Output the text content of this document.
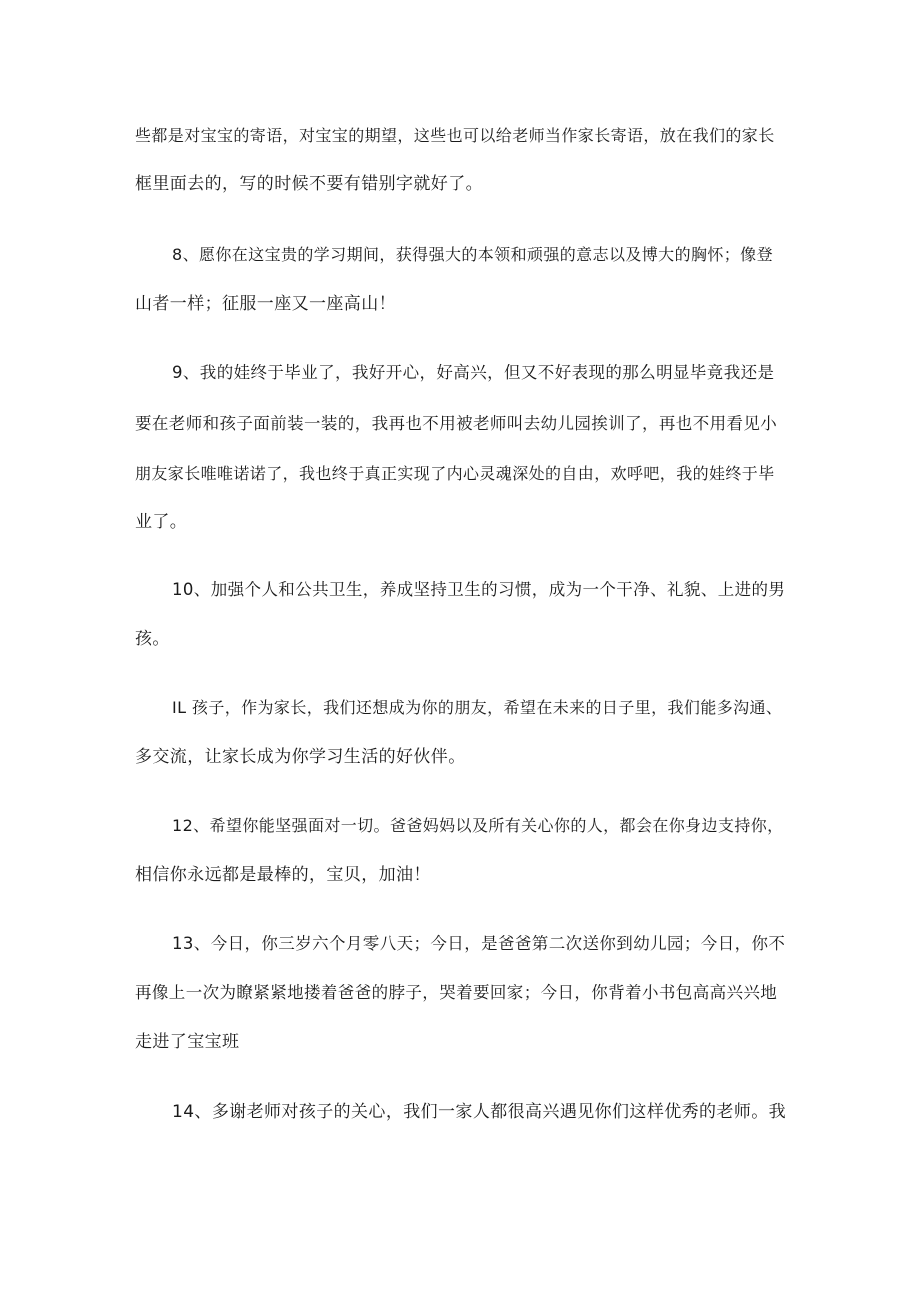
些都是对宝宝的寄语，对宝宝的期望，这些也可以给老师当作家长寄语，放在我们的家长

框里面去的，写的时候不要有错别字就好了。

8、愿你在这宝贵的学习期间，获得强大的本领和顽强的意志以及博大的胸怀；像登

山者一样；征服一座又一座高山！

9、我的娃终于毕业了，我好开心，好高兴，但又不好表现的那么明显毕竟我还是

要在老师和孩子面前装一装的，我再也不用被老师叫去幼儿园挨训了，再也不用看见小

朋友家长唯唯诺诺了，我也终于真正实现了内心灵魂深处的自由，欢呼吧，我的娃终于毕

业了。

10、加强个人和公共卫生，养成坚持卫生的习惯，成为一个干净、礼貌、上进的男

孩。

IL 孩子，作为家长，我们还想成为你的朋友，希望在未来的日子里，我们能多沟通、

多交流，让家长成为你学习生活的好伙伴。

12、希望你能坚强面对一切。爸爸妈妈以及所有关心你的人，都会在你身边支持你，

相信你永远都是最棒的，宝贝，加油！

13、今日，你三岁六个月零八天；今日，是爸爸第二次送你到幼儿园；今日，你不

再像上一次为瞭紧紧地搂着爸爸的脖子，哭着要回家；今日，你背着小书包高高兴兴地

走进了宝宝班

14、多谢老师对孩子的关心，我们一家人都很高兴遇见你们这样优秀的老师。我
